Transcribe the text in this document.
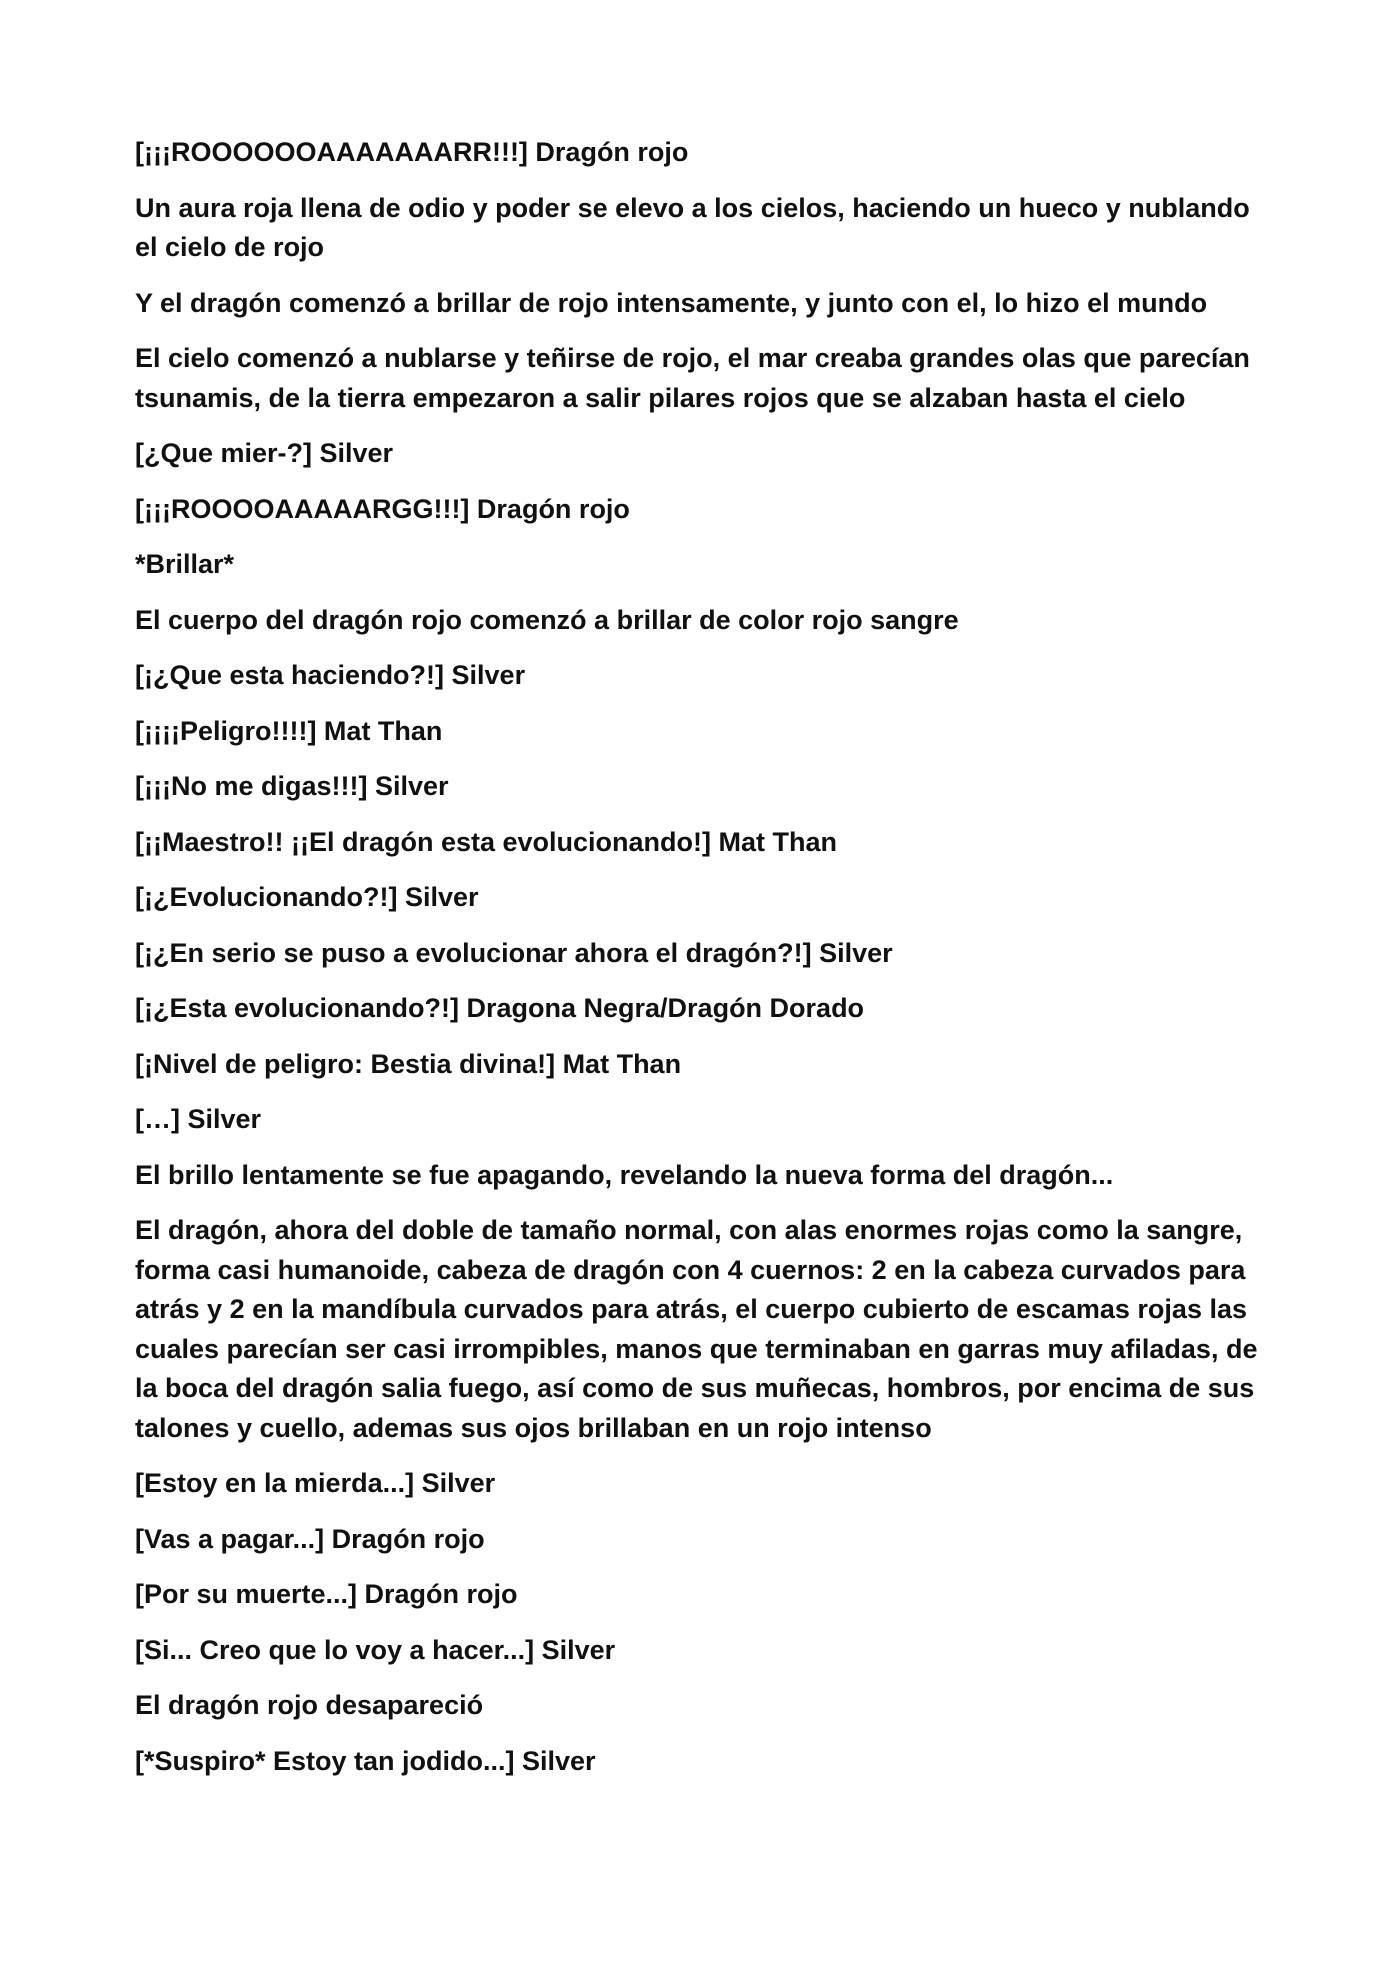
[¡¡¡ROOOOOOAAAAAAARR!!!] Dragón rojo

Un aura roja llena de odio y poder se elevo a los cielos, haciendo un hueco y nublando el cielo de rojo

Y el dragón comenzó a brillar de rojo intensamente, y junto con el, lo hizo el mundo

El cielo comenzó a nublarse y teñirse de rojo, el mar creaba grandes olas que parecían tsunamis, de la tierra empezaron a salir pilares rojos que se alzaban hasta el cielo

[¿Que mier-?] Silver

[¡¡¡ROOOOAAAAARGG!!!] Dragón rojo

*Brillar*

El cuerpo del dragón rojo comenzó a brillar de color rojo sangre

[¡¿Que esta haciendo?!] Silver

[¡¡¡¡Peligro!!!!] Mat Than

[¡¡¡No me digas!!!] Silver

[¡¡Maestro!! ¡¡El dragón esta evolucionando!] Mat Than

[¡¿Evolucionando?!] Silver

[¡¿En serio se puso a evolucionar ahora el dragón?!] Silver

[¡¿Esta evolucionando?!] Dragona Negra/Dragón Dorado

[¡Nivel de peligro: Bestia divina!] Mat Than

[…] Silver

El brillo lentamente se fue apagando, revelando la nueva forma del dragón...

El dragón, ahora del doble de tamaño normal, con alas enormes rojas como la sangre, forma casi humanoide, cabeza de dragón con 4 cuernos: 2 en la cabeza curvados para atrás y 2 en la mandíbula curvados para atrás, el cuerpo cubierto de escamas rojas las cuales parecían ser casi irrompibles, manos que terminaban en garras muy afiladas, de la boca del dragón salia fuego, así como de sus muñecas, hombros, por encima de sus talones y cuello, ademas sus ojos brillaban en un rojo intenso

[Estoy en la mierda...] Silver

[Vas a pagar...] Dragón rojo

[Por su muerte...] Dragón rojo

[Si... Creo que lo voy a hacer...] Silver

El dragón rojo desapareció

[*Suspiro* Estoy tan jodido...] Silver
